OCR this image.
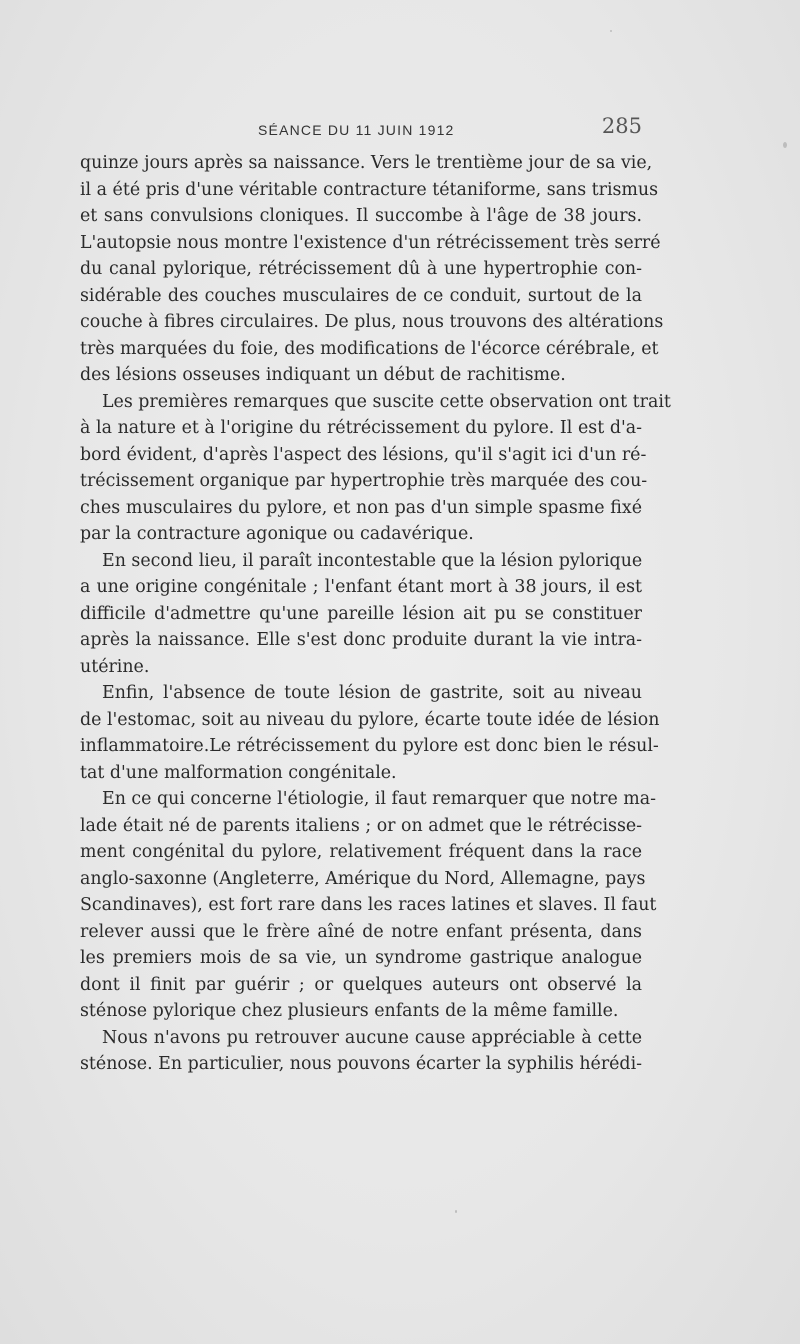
SÉANCE DU 11 JUIN 1912	285
quinze jours après sa naissance. Vers le trentième jour de sa vie,
il a été pris d'une véritable contracture tétaniforme, sans trismus
et sans convulsions cloniques. Il succombe à l'âge de 38 jours.
L'autopsie nous montre l'existence d'un rétrécissement très serré
du canal pylorique, rétrécissement dû à une hypertrophie con-
sidérable des couches musculaires de ce conduit, surtout de la
couche à fibres circulaires. De plus, nous trouvons des altérations
très marquées du foie, des modifications de l'écorce cérébrale, et
des lésions osseuses indiquant un début de rachitisme.
Les premières remarques que suscite cette observation ont trait
à la nature et à l'origine du rétrécissement du pylore. Il est d'a-
bord évident, d'après l'aspect des lésions, qu'il s'agit ici d'un ré-
trécissement organique par hypertrophie très marquée des cou-
ches musculaires du pylore, et non pas d'un simple spasme fixé
par la contracture agonique ou cadavérique.
En second lieu, il paraît incontestable que la lésion pylorique
a une origine congénitale ; l'enfant étant mort à 38 jours, il est
difficile d'admettre qu'une pareille lésion ait pu se constituer
après la naissance. Elle s'est donc produite durant la vie intra-
utérine.
Enfin, l'absence de toute lésion de gastrite, soit au niveau
de l'estomac, soit au niveau du pylore, écarte toute idée de lésion
inflammatoire.Le rétrécissement du pylore est donc bien le résul-
tat d'une malformation congénitale.
En ce qui concerne l'étiologie, il faut remarquer que notre ma-
lade était né de parents italiens ; or on admet que le rétrécisse-
ment congénital du pylore, relativement fréquent dans la race
anglo-saxonne (Angleterre, Amérique du Nord, Allemagne, pays
Scandinaves), est fort rare dans les races latines et slaves. Il faut
relever aussi que le frère aîné de notre enfant présenta, dans
les premiers mois de sa vie, un syndrome gastrique analogue
dont il finit par guérir ; or quelques auteurs ont observé la
sténose pylorique chez plusieurs enfants de la même famille.
Nous n'avons pu retrouver aucune cause appréciable à cette
sténose. En particulier, nous pouvons écarter la syphilis hérédi-
